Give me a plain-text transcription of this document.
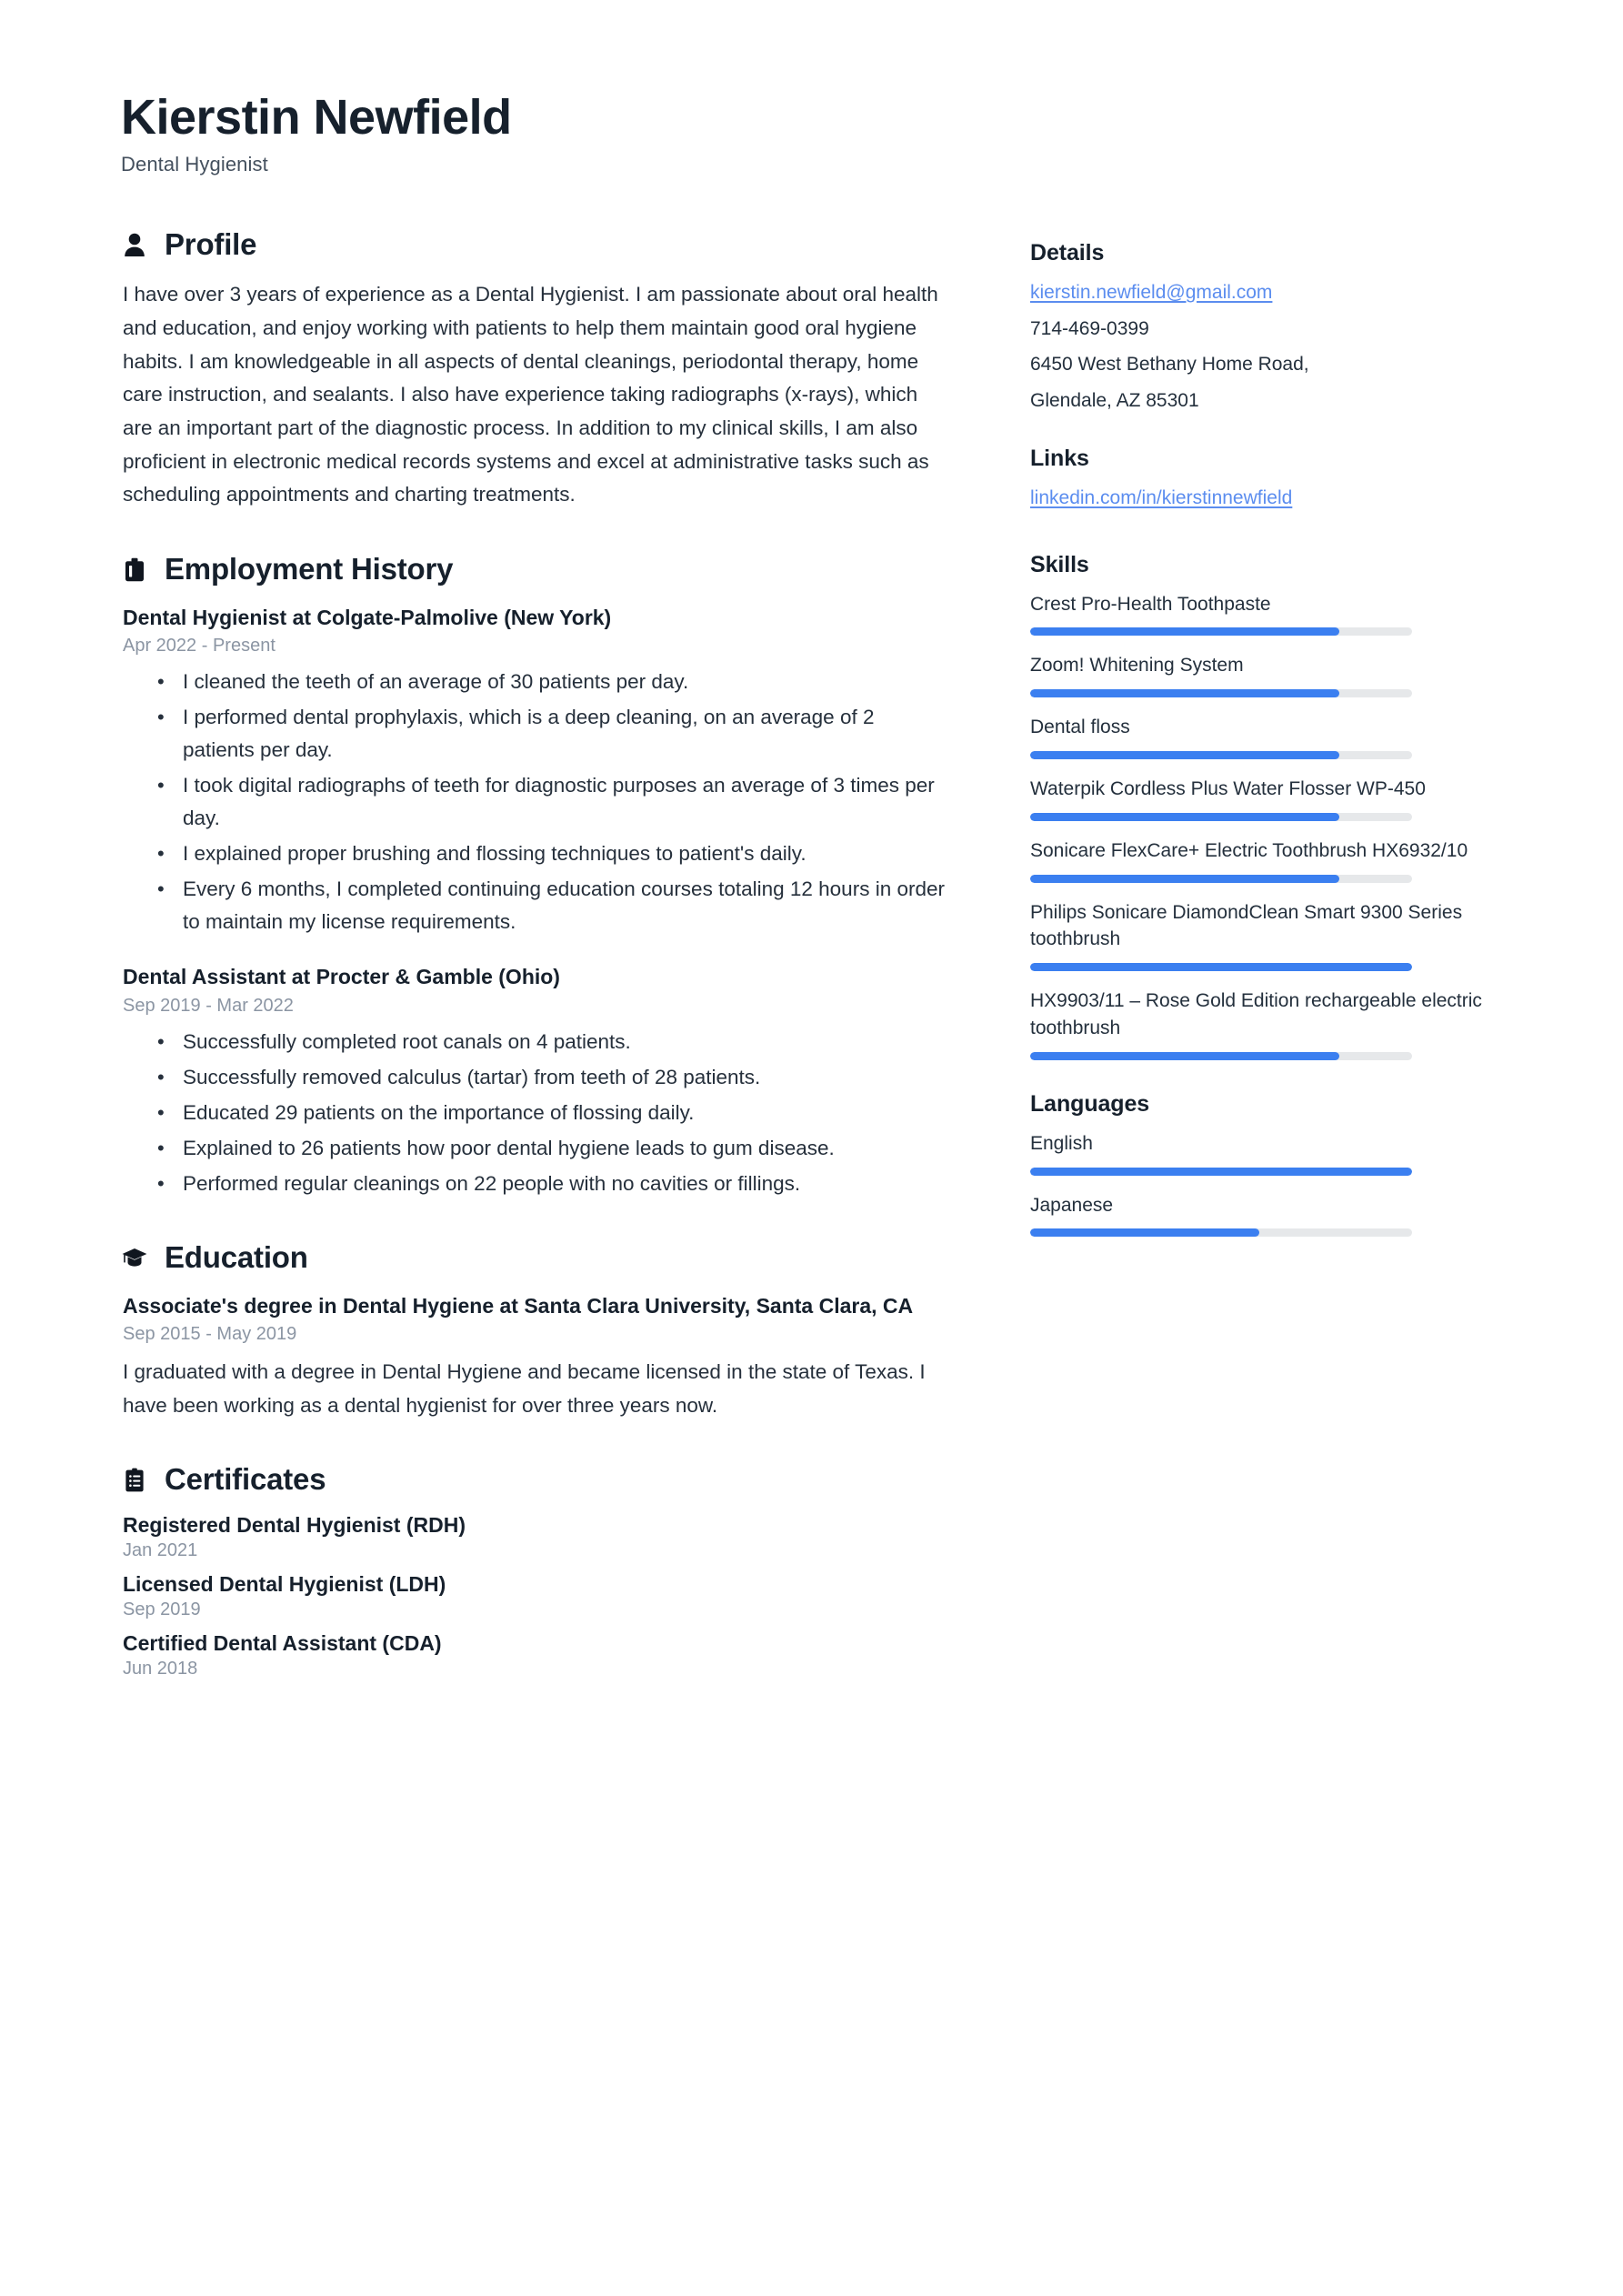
Kierstin Newfield
Dental Hygienist
Profile
I have over 3 years of experience as a Dental Hygienist. I am passionate about oral health and education, and enjoy working with patients to help them maintain good oral hygiene habits. I am knowledgeable in all aspects of dental cleanings, periodontal therapy, home care instruction, and sealants. I also have experience taking radiographs (x-rays), which are an important part of the diagnostic process. In addition to my clinical skills, I am also proficient in electronic medical records systems and excel at administrative tasks such as scheduling appointments and charting treatments.
Employment History
Dental Hygienist at Colgate-Palmolive (New York)
Apr 2022 - Present
• I cleaned the teeth of an average of 30 patients per day.
• I performed dental prophylaxis, which is a deep cleaning, on an average of 2 patients per day.
• I took digital radiographs of teeth for diagnostic purposes an average of 3 times per day.
• I explained proper brushing and flossing techniques to patient's daily.
• Every 6 months, I completed continuing education courses totaling 12 hours in order to maintain my license requirements.
Dental Assistant at Procter & Gamble (Ohio)
Sep 2019 - Mar 2022
• Successfully completed root canals on 4 patients.
• Successfully removed calculus (tartar) from teeth of 28 patients.
• Educated 29 patients on the importance of flossing daily.
• Explained to 26 patients how poor dental hygiene leads to gum disease.
• Performed regular cleanings on 22 people with no cavities or fillings.
Education
Associate's degree in Dental Hygiene at Santa Clara University, Santa Clara, CA
Sep 2015 - May 2019
I graduated with a degree in Dental Hygiene and became licensed in the state of Texas. I have been working as a dental hygienist for over three years now.
Certificates
Registered Dental Hygienist (RDH)
Jan 2021
Licensed Dental Hygienist (LDH)
Sep 2019
Certified Dental Assistant (CDA)
Jun 2018
Details
kierstin.newfield@gmail.com
714-469-0399
6450 West Bethany Home Road,
Glendale, AZ 85301
Links
linkedin.com/in/kierstinnewfield
Skills
Crest Pro-Health Toothpaste
Zoom! Whitening System
Dental floss
Waterpik Cordless Plus Water Flosser WP-450
Sonicare FlexCare+ Electric Toothbrush HX6932/10
Philips Sonicare DiamondClean Smart 9300 Series toothbrush
HX9903/11 – Rose Gold Edition rechargeable electric toothbrush
Languages
English
Japanese
